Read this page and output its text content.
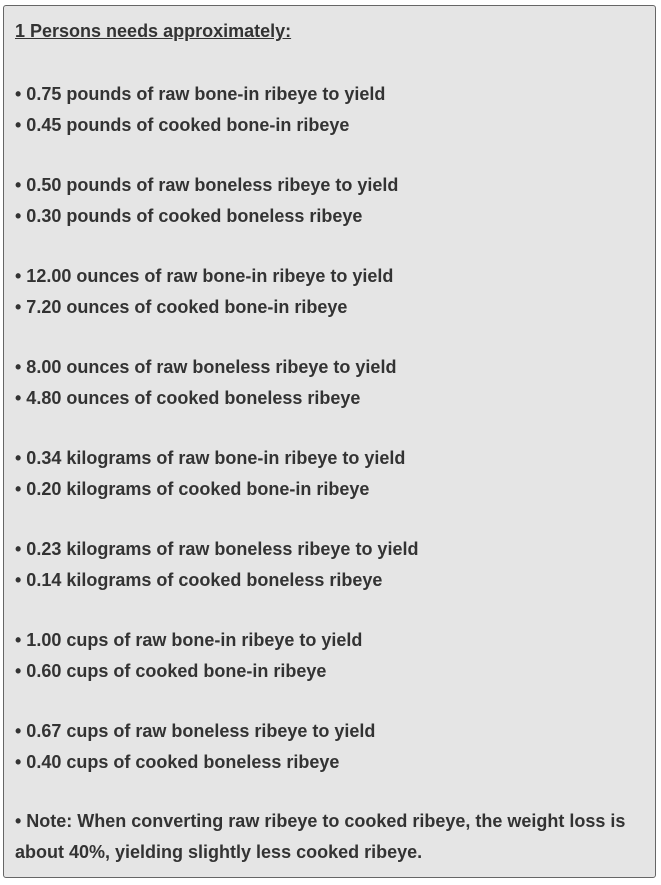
1 Persons needs approximately:
• 0.75 pounds of raw bone-in ribeye to yield
• 0.45 pounds of cooked bone-in ribeye
• 0.50 pounds of raw boneless ribeye to yield
• 0.30 pounds of cooked boneless ribeye
• 12.00 ounces of raw bone-in ribeye to yield
• 7.20 ounces of cooked bone-in ribeye
• 8.00 ounces of raw boneless ribeye to yield
• 4.80 ounces of cooked boneless ribeye
• 0.34 kilograms of raw bone-in ribeye to yield
• 0.20 kilograms of cooked bone-in ribeye
• 0.23 kilograms of raw boneless ribeye to yield
• 0.14 kilograms of cooked boneless ribeye
• 1.00 cups of raw bone-in ribeye to yield
• 0.60 cups of cooked bone-in ribeye
• 0.67 cups of raw boneless ribeye to yield
• 0.40 cups of cooked boneless ribeye
• Note: When converting raw ribeye to cooked ribeye, the weight loss is about 40%, yielding slightly less cooked ribeye.
